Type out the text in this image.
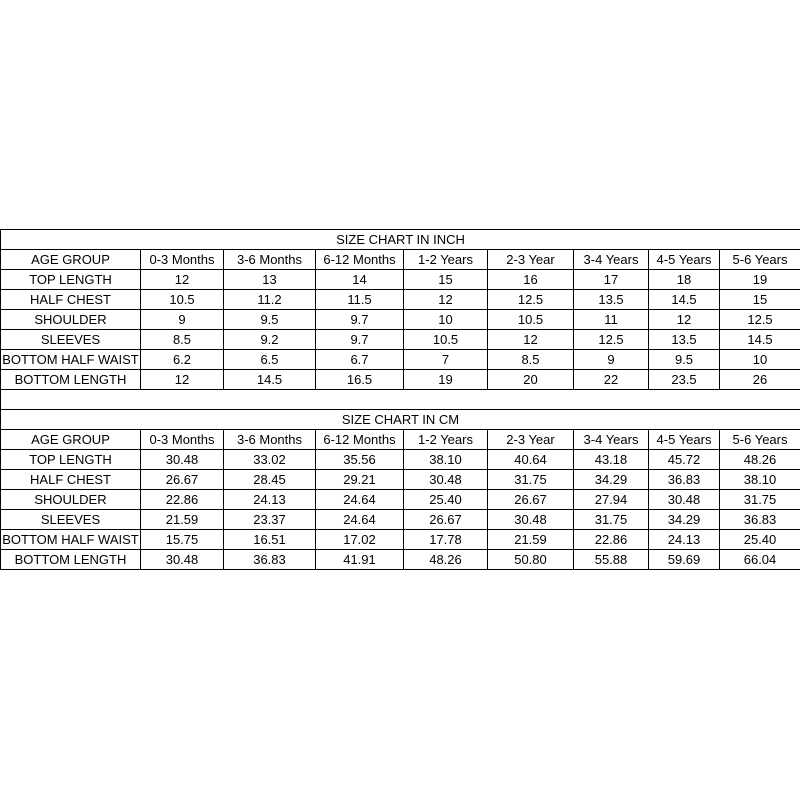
SIZE CHART IN INCH								
AGE GROUP	0-3 Months	3-6 Months	6-12 Months	1-2 Years	2-3 Year	3-4 Years	4-5 Years	5-6 Years
TOP LENGTH	12	13	14	15	16	17	18	19
HALF CHEST	10.5	11.2	11.5	12	12.5	13.5	14.5	15
SHOULDER	9	9.5	9.7	10	10.5	11	12	12.5
SLEEVES	8.5	9.2	9.7	10.5	12	12.5	13.5	14.5
BOTTOM HALF WAIST	6.2	6.5	6.7	7	8.5	9	9.5	10
BOTTOM LENGTH	12	14.5	16.5	19	20	22	23.5	26

SIZE CHART IN CM								
AGE GROUP	0-3 Months	3-6 Months	6-12 Months	1-2 Years	2-3 Year	3-4 Years	4-5 Years	5-6 Years
TOP LENGTH	30.48	33.02	35.56	38.10	40.64	43.18	45.72	48.26
HALF CHEST	26.67	28.45	29.21	30.48	31.75	34.29	36.83	38.10
SHOULDER	22.86	24.13	24.64	25.40	26.67	27.94	30.48	31.75
SLEEVES	21.59	23.37	24.64	26.67	30.48	31.75	34.29	36.83
BOTTOM HALF WAIST	15.75	16.51	17.02	17.78	21.59	22.86	24.13	25.40
BOTTOM LENGTH	30.48	36.83	41.91	48.26	50.80	55.88	59.69	66.04
